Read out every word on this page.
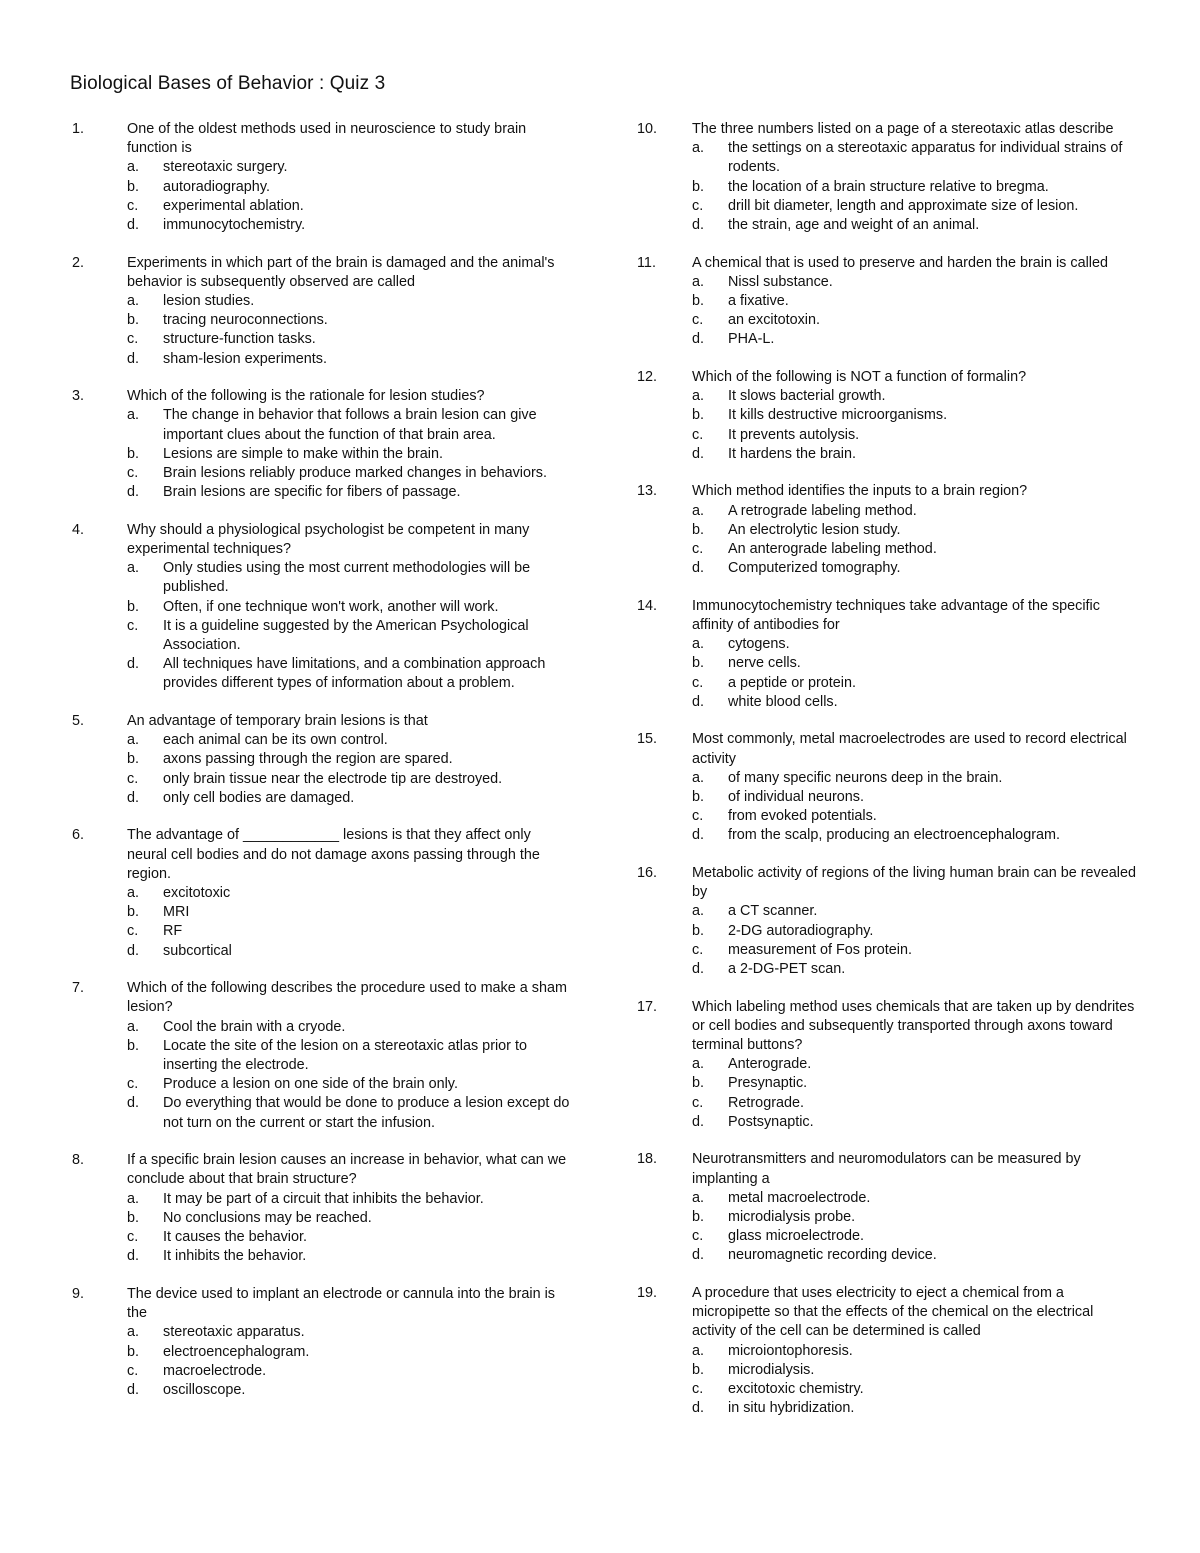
Biological Bases of Behavior : Quiz 3
1.	One of the oldest methods used in neuroscience to study brain function is
a.	stereotaxic surgery.
b.	autoradiography.
c.	experimental ablation.
d.	immunocytochemistry.
2.	Experiments in which part of the brain is damaged and the animal's behavior is subsequently observed are called
a.	lesion studies.
b.	tracing neuroconnections.
c.	structure-function tasks.
d.	sham-lesion experiments.
3.	Which of the following is the rationale for lesion studies?
a.	The change in behavior that follows a brain lesion can give important clues about the function of that brain area.
b.	Lesions are simple to make within the brain.
c.	Brain lesions reliably produce marked changes in behaviors.
d.	Brain lesions are specific for fibers of passage.
4.	Why should a physiological psychologist be competent in many experimental techniques?
a.	Only studies using the most current methodologies will be published.
b.	Often, if one technique won't work, another will work.
c.	It is a guideline suggested by the American Psychological Association.
d.	All techniques have limitations, and a combination approach provides different types of information about a problem.
5.	An advantage of temporary brain lesions is that
a.	each animal can be its own control.
b.	axons passing through the region are spared.
c.	only brain tissue near the electrode tip are destroyed.
d.	only cell bodies are damaged.
6.	The advantage of ____________ lesions is that they affect only neural cell bodies and do not damage axons passing through the region.
a.	excitotoxic
b.	MRI
c.	RF
d.	subcortical
7.	Which of the following describes the procedure used to make a sham lesion?
a.	Cool the brain with a cryode.
b.	Locate the site of the lesion on a stereotaxic atlas prior to inserting the electrode.
c.	Produce a lesion on one side of the brain only.
d.	Do everything that would be done to produce a lesion except do not turn on the current or start the infusion.
8.	If a specific brain lesion causes an increase in behavior, what can we conclude about that brain structure?
a.	It may be part of a circuit that inhibits the behavior.
b.	No conclusions may be reached.
c.	It causes the behavior.
d.	It inhibits the behavior.
9.	The device used to implant an electrode or cannula into the brain is the
a.	stereotaxic apparatus.
b.	electroencephalogram.
c.	macroelectrode.
d.	oscilloscope.
10.	The three numbers listed on a page of a stereotaxic atlas describe
a.	the settings on a stereotaxic apparatus for individual strains of rodents.
b.	the location of a brain structure relative to bregma.
c.	drill bit diameter, length and approximate size of lesion.
d.	the strain, age and weight of an animal.
11.	A chemical that is used to preserve and harden the brain is called
a.	Nissl substance.
b.	a fixative.
c.	an excitotoxin.
d.	PHA-L.
12.	Which of the following is NOT a function of formalin?
a.	It slows bacterial growth.
b.	It kills destructive microorganisms.
c.	It prevents autolysis.
d.	It hardens the brain.
13.	Which method identifies the inputs to a brain region?
a.	A retrograde labeling method.
b.	An electrolytic lesion study.
c.	An anterograde labeling method.
d.	Computerized tomography.
14.	Immunocytochemistry techniques take advantage of the specific affinity of antibodies for
a.	cytogens.
b.	nerve cells.
c.	a peptide or protein.
d.	white blood cells.
15.	Most commonly, metal macroelectrodes are used to record electrical activity
a.	of many specific neurons deep in the brain.
b.	of individual neurons.
c.	from evoked potentials.
d.	from the scalp, producing an electroencephalogram.
16.	Metabolic activity of regions of the living human brain can be revealed by
a.	a CT scanner.
b.	2-DG autoradiography.
c.	measurement of Fos protein.
d.	a 2-DG-PET scan.
17.	Which labeling method uses chemicals that are taken up by dendrites or cell bodies and subsequently transported through axons toward terminal buttons?
a.	Anterograde.
b.	Presynaptic.
c.	Retrograde.
d.	Postsynaptic.
18.	Neurotransmitters and neuromodulators can be measured by implanting a
a.	metal macroelectrode.
b.	microdialysis probe.
c.	glass microelectrode.
d.	neuromagnetic recording device.
19.	A procedure that uses electricity to eject a chemical from a micropipette so that the effects of the chemical on the electrical activity of the cell can be determined is called
a.	microiontophoresis.
b.	microdialysis.
c.	excitotoxic chemistry.
d.	in situ hybridization.
